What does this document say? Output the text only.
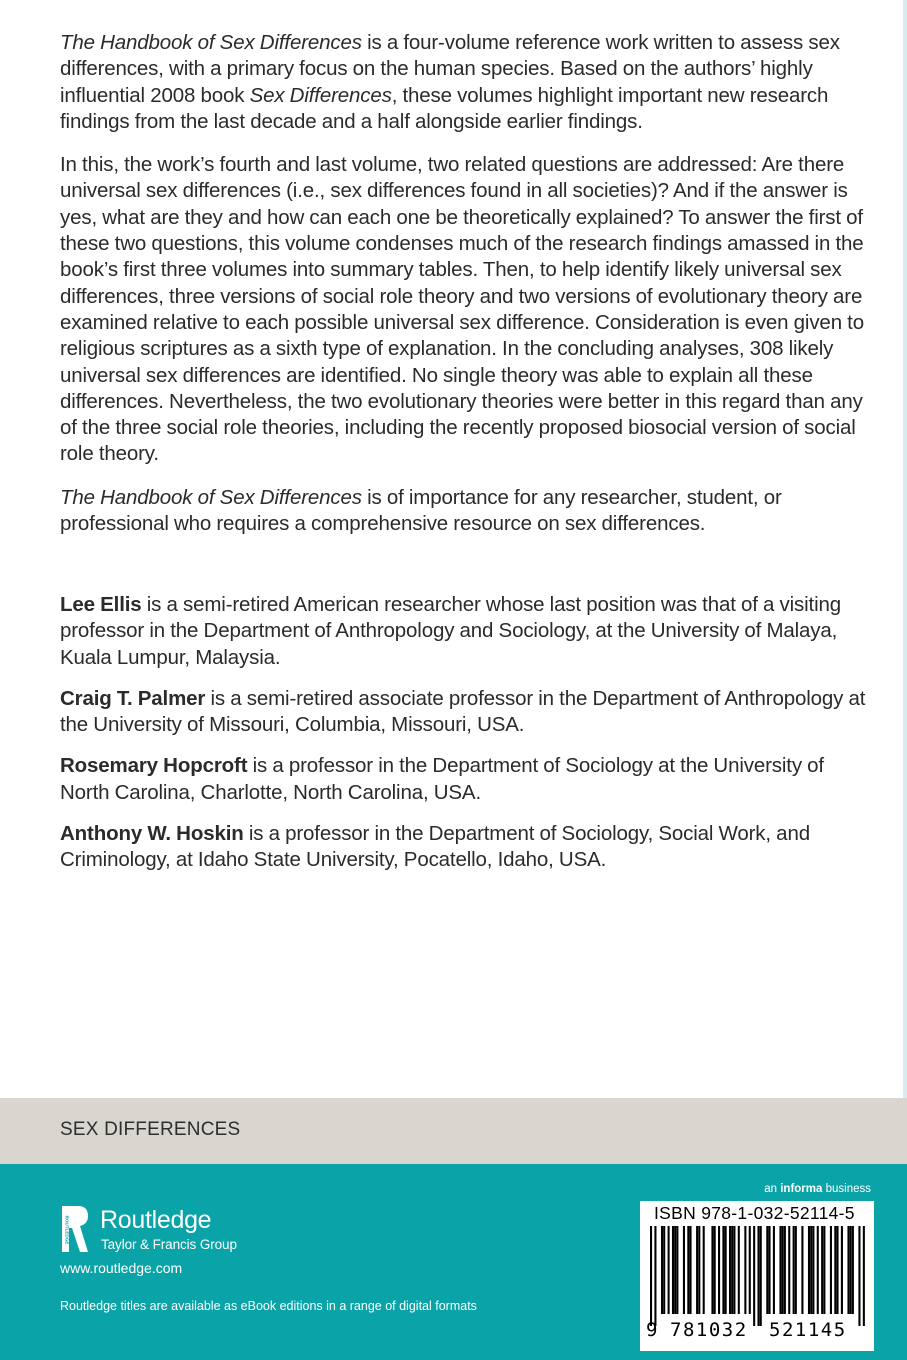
The Handbook of Sex Differences is a four-volume reference work written to assess sex differences, with a primary focus on the human species. Based on the authors’ highly influential 2008 book Sex Differences, these volumes highlight important new research findings from the last decade and a half alongside earlier findings.

In this, the work’s fourth and last volume, two related questions are addressed: Are there universal sex differences (i.e., sex differences found in all societies)? And if the answer is yes, what are they and how can each one be theoretically explained? To answer the first of these two questions, this volume condenses much of the research findings amassed in the book’s first three volumes into summary tables. Then, to help identify likely universal sex differences, three versions of social role theory and two versions of evolutionary theory are examined relative to each possible universal sex difference. Consideration is even given to religious scriptures as a sixth type of explanation. In the concluding analyses, 308 likely universal sex differences are identified. No single theory was able to explain all these differences. Nevertheless, the two evolutionary theories were better in this regard than any of the three social role theories, including the recently proposed biosocial version of social role theory.

The Handbook of Sex Differences is of importance for any researcher, student, or professional who requires a comprehensive resource on sex differences.

Lee Ellis is a semi-retired American researcher whose last position was that of a visiting professor in the Department of Anthropology and Sociology, at the University of Malaya, Kuala Lumpur, Malaysia.

Craig T. Palmer is a semi-retired associate professor in the Department of Anthropology at the University of Missouri, Columbia, Missouri, USA.

Rosemary Hopcroft is a professor in the Department of Sociology at the University of North Carolina, Charlotte, North Carolina, USA.

Anthony W. Hoskin is a professor in the Department of Sociology, Social Work, and Criminology, at Idaho State University, Pocatello, Idaho, USA.

SEX DIFFERENCES
ROUTLEDGE Routledge
Taylor & Francis Group
www.routledge.com
Routledge titles are available as eBook editions in a range of digital formats
an informa business
ISBN 978-1-032-52114-5
9 781032 521145
